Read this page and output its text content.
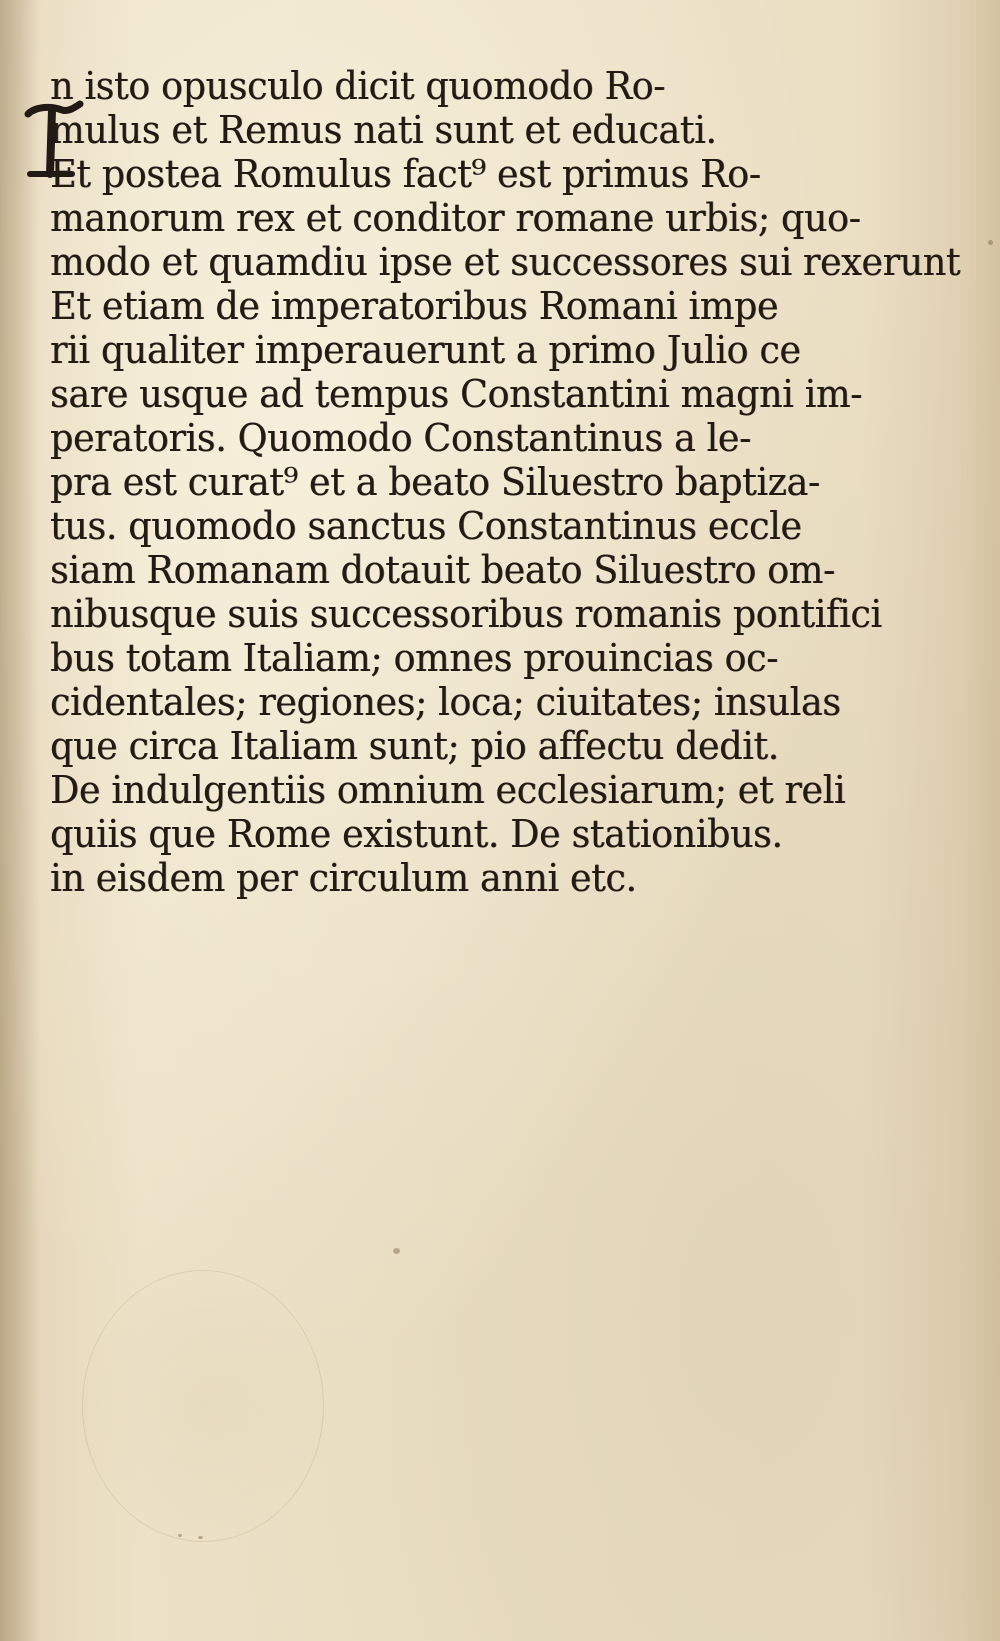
n isto opusculo dicit quomodo Ro-
mulus et Remus nati sunt et educati.
Et postea Romulus fact⁹ est primus Ro-
manorum rex et conditor romane urbis; quo-
modo et quamdiu ipse et successores sui rexerunt
Et etiam de imperatoribus Romani impe
rii qualiter imperauerunt a primo Julio ce
sare usque ad tempus Constantini magni im-
peratoris. Quomodo Constantinus a le-
pra est curat⁹ et a beato Siluestro baptiza-
tus. quomodo sanctus Constantinus eccle
siam Romanam dotauit beato Siluestro om-
nibusque suis successoribus romanis pontifici
bus totam Italiam; omnes prouincias oc-
cidentales; regiones; loca; ciuitates; insulas
que circa Italiam sunt; pio affectu dedit.
De indulgentiis omnium ecclesiarum; et reli
quiis que Rome existunt. De stationibus.
in eisdem per circulum anni etc.
